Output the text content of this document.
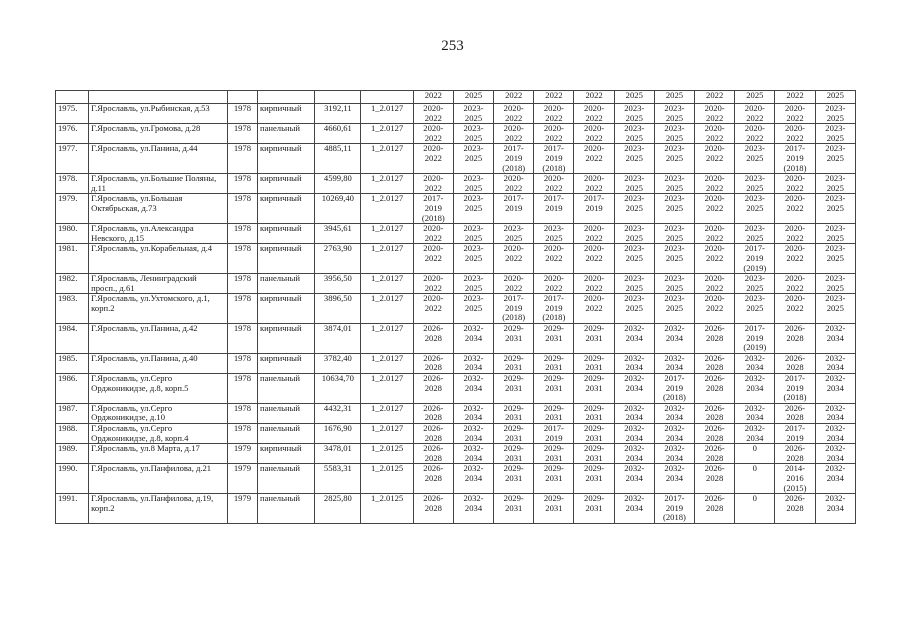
253
						2022	2025	2022	2022	2022	2025	2025	2022	2025	2022	2025
1975.	Г.Ярославль, ул.Рыбинская, д.53	1978	кирпичный	3192,11	1_2.0127	2020-2022	2023-2025	2020-2022	2020-2022	2020-2022	2023-2025	2023-2025	2020-2022	2020-2022	2020-2022	2023-2025
1976.	Г.Ярославль, ул.Громова, д.28	1978	панельный	4660,61	1_2.0127	2020-2022	2023-2025	2020-2022	2020-2022	2020-2022	2023-2025	2023-2025	2020-2022	2020-2022	2020-2022	2023-2025
1977.	Г.Ярославль, ул.Панина, д.44	1978	кирпичный	4885,11	1_2.0127	2020-2022	2023-2025	2017-2019 (2018)	2017-2019 (2018)	2020-2022	2023-2025	2023-2025	2020-2022	2023-2025	2017-2019 (2018)	2023-2025
1978.	Г.Ярославль, ул.Большие Поляны, д.11	1978	кирпичный	4599,80	1_2.0127	2020-2022	2023-2025	2020-2022	2020-2022	2020-2022	2023-2025	2023-2025	2020-2022	2023-2025	2020-2022	2023-2025
1979.	Г.Ярославль, ул.Большая Октябрьская, д.73	1978	кирпичный	10269,40	1_2.0127	2017-2019 (2018)	2023-2025	2017-2019	2017-2019	2017-2019	2023-2025	2023-2025	2020-2022	2023-2025	2020-2022	2023-2025
1980.	Г.Ярославль, ул.Александра Невского, д.15	1978	кирпичный	3945,61	1_2.0127	2020-2022	2023-2025	2023-2025	2023-2025	2020-2022	2023-2025	2023-2025	2020-2022	2023-2025	2020-2022	2023-2025
1981.	Г.Ярославль, ул.Корабельная, д.4	1978	кирпичный	2763,90	1_2.0127	2020-2022	2023-2025	2020-2022	2020-2022	2020-2022	2023-2025	2023-2025	2020-2022	2017-2019 (2019)	2020-2022	2023-2025
1982.	Г.Ярославль, Ленинградский просп., д.61	1978	панельный	3956,50	1_2.0127	2020-2022	2023-2025	2020-2022	2020-2022	2020-2022	2023-2025	2023-2025	2020-2022	2023-2025	2020-2022	2023-2025
1983.	Г.Ярославль, ул.Ухтомского, д.1, корп.2	1978	кирпичный	3896,50	1_2.0127	2020-2022	2023-2025	2017-2019 (2018)	2017-2019 (2018)	2020-2022	2023-2025	2023-2025	2020-2022	2023-2025	2020-2022	2023-2025
1984.	Г.Ярославль, ул.Панина, д.42	1978	кирпичный	3874,01	1_2.0127	2026-2028	2032-2034	2029-2031	2029-2031	2029-2031	2032-2034	2032-2034	2026-2028	2017-2019 (2019)	2026-2028	2032-2034
1985.	Г.Ярославль, ул.Панина, д.40	1978	кирпичный	3782,40	1_2.0127	2026-2028	2032-2034	2029-2031	2029-2031	2029-2031	2032-2034	2032-2034	2026-2028	2032-2034	2026-2028	2032-2034
1986.	Г.Ярославль, ул.Серго Орджоникидзе, д.8, корп.5	1978	панельный	10634,70	1_2.0127	2026-2028	2032-2034	2029-2031	2029-2031	2029-2031	2032-2034	2017-2019 (2018)	2026-2028	2032-2034	2017-2019 (2018)	2032-2034
1987.	Г.Ярославль, ул.Серго Орджоникидзе, д.10	1978	панельный	4432,31	1_2.0127	2026-2028	2032-2034	2029-2031	2029-2031	2029-2031	2032-2034	2032-2034	2026-2028	2032-2034	2026-2028	2032-2034
1988.	Г.Ярославль, ул.Серго Орджоникидзе, д.8, корп.4	1978	панельный	1676,90	1_2.0127	2026-2028	2032-2034	2029-2031	2017-2019	2029-2031	2032-2034	2032-2034	2026-2028	2032-2034	2017-2019	2032-2034
1989.	Г.Ярославль, ул.8 Марта, д.17	1979	кирпичный	3478,01	1_2.0125	2026-2028	2032-2034	2029-2031	2029-2031	2029-2031	2032-2034	2032-2034	2026-2028	0	2026-2028	2032-2034
1990.	Г.Ярославль, ул.Панфилова, д.21	1979	панельный	5583,31	1_2.0125	2026-2028	2032-2034	2029-2031	2029-2031	2029-2031	2032-2034	2032-2034	2026-2028	0	2014-2016 (2015)	2032-2034
1991.	Г.Ярославль, ул.Панфилова, д.19, корп.2	1979	панельный	2825,80	1_2.0125	2026-2028	2032-2034	2029-2031	2029-2031	2029-2031	2032-2034	2017-2019 (2018)	2026-2028	0	2026-2028	2032-2034
